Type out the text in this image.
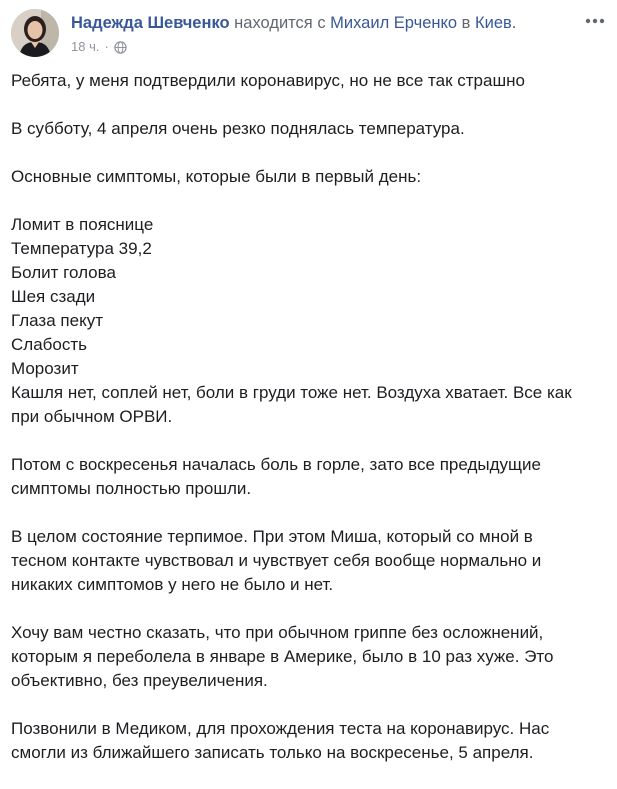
Надежда Шевченко находится с Михаил Ерченко в Киев.
18 ч. ·

Ребята, у меня подтвердили коронавирус, но не все так страшно

В субботу, 4 апреля очень резко поднялась температура.

Основные симптомы, которые были в первый день:

Ломит в пояснице
Температура 39,2
Болит голова
Шея сзади
Глаза пекут
Слабость
Морозит
Кашля нет, соплей нет, боли в груди тоже нет. Воздуха хватает. Все как
при обычном ОРВИ.

Потом с воскресенья началась боль в горле, зато все предыдущие
симптомы полностью прошли.

В целом состояние терпимое. При этом Миша, который со мной в
тесном контакте чувствовал и чувствует себя вообще нормально и
никаких симптомов у него не было и нет.

Хочу вам честно сказать, что при обычном гриппе без осложнений,
которым я переболела в январе в Америке, было в 10 раз хуже. Это
объективно, без преувеличения.

Позвонили в Медиком, для прохождения теста на коронавирус. Нас
смогли из ближайшего записать только на воскресенье, 5 апреля.
